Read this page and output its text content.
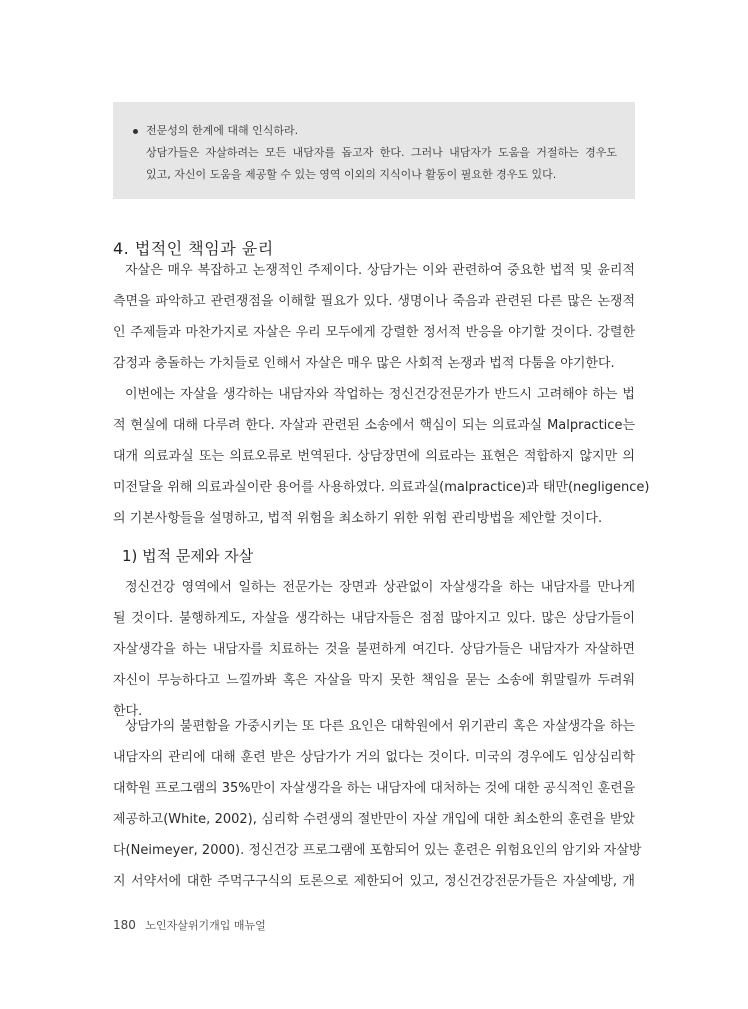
전문성의 한계에 대해 인식하라.
상담가들은 자살하려는 모든 내담자를 돕고자 한다. 그러나 내담자가 도움을 거절하는 경우도
있고, 자신이 도움을 제공할 수 있는 영역 이외의 지식이나 활동이 필요한 경우도 있다.
4. 법적인 책임과 윤리
자살은 매우 복잡하고 논쟁적인 주제이다. 상담가는 이와 관련하여 중요한 법적 및 윤리적
측면을 파악하고 관련쟁점을 이해할 필요가 있다. 생명이나 죽음과 관련된 다른 많은 논쟁적
인 주제들과 마찬가지로 자살은 우리 모두에게 강렬한 정서적 반응을 야기할 것이다. 강렬한
감정과 충돌하는 가치들로 인해서 자살은 매우 많은 사회적 논쟁과 법적 다툼을 야기한다.
이번에는 자살을 생각하는 내담자와 작업하는 정신건강전문가가 반드시 고려해야 하는 법
적 현실에 대해 다루려 한다. 자살과 관련된 소송에서 핵심이 되는 의료과실 Malpractice는
대개 의료과실 또는 의료오류로 번역된다. 상담장면에 의료라는 표현은 적합하지 않지만 의
미전달을 위해 의료과실이란 용어를 사용하였다. 의료과실(malpractice)과 태만(negligence)
의 기본사항들을 설명하고, 법적 위험을 최소하기 위한 위험 관리방법을 제안할 것이다.
1) 법적 문제와 자살
정신건강 영역에서 일하는 전문가는 장면과 상관없이 자살생각을 하는 내담자를 만나게
될 것이다. 불행하게도, 자살을 생각하는 내담자들은 점점 많아지고 있다. 많은 상담가들이
자살생각을 하는 내담자를 치료하는 것을 불편하게 여긴다. 상담가들은 내담자가 자살하면
자신이 무능하다고 느낄까봐 혹은 자살을 막지 못한 책임을 묻는 소송에 휘말릴까 두려워
한다.
상담가의 불편함을 가중시키는 또 다른 요인은 대학원에서 위기관리 혹은 자살생각을 하는
내담자의 관리에 대해 훈련 받은 상담가가 거의 없다는 것이다. 미국의 경우에도 임상심리학
대학원 프로그램의 35%만이 자살생각을 하는 내담자에 대처하는 것에 대한 공식적인 훈련을
제공하고(White, 2002), 심리학 수련생의 절반만이 자살 개입에 대한 최소한의 훈련을 받았
다(Neimeyer, 2000). 정신건강 프로그램에 포함되어 있는 훈련은 위험요인의 암기와 자살방
지 서약서에 대한 주먹구구식의 토론으로 제한되어 있고, 정신건강전문가들은 자살예방, 개
180 노인자살위기개입 매뉴얼
